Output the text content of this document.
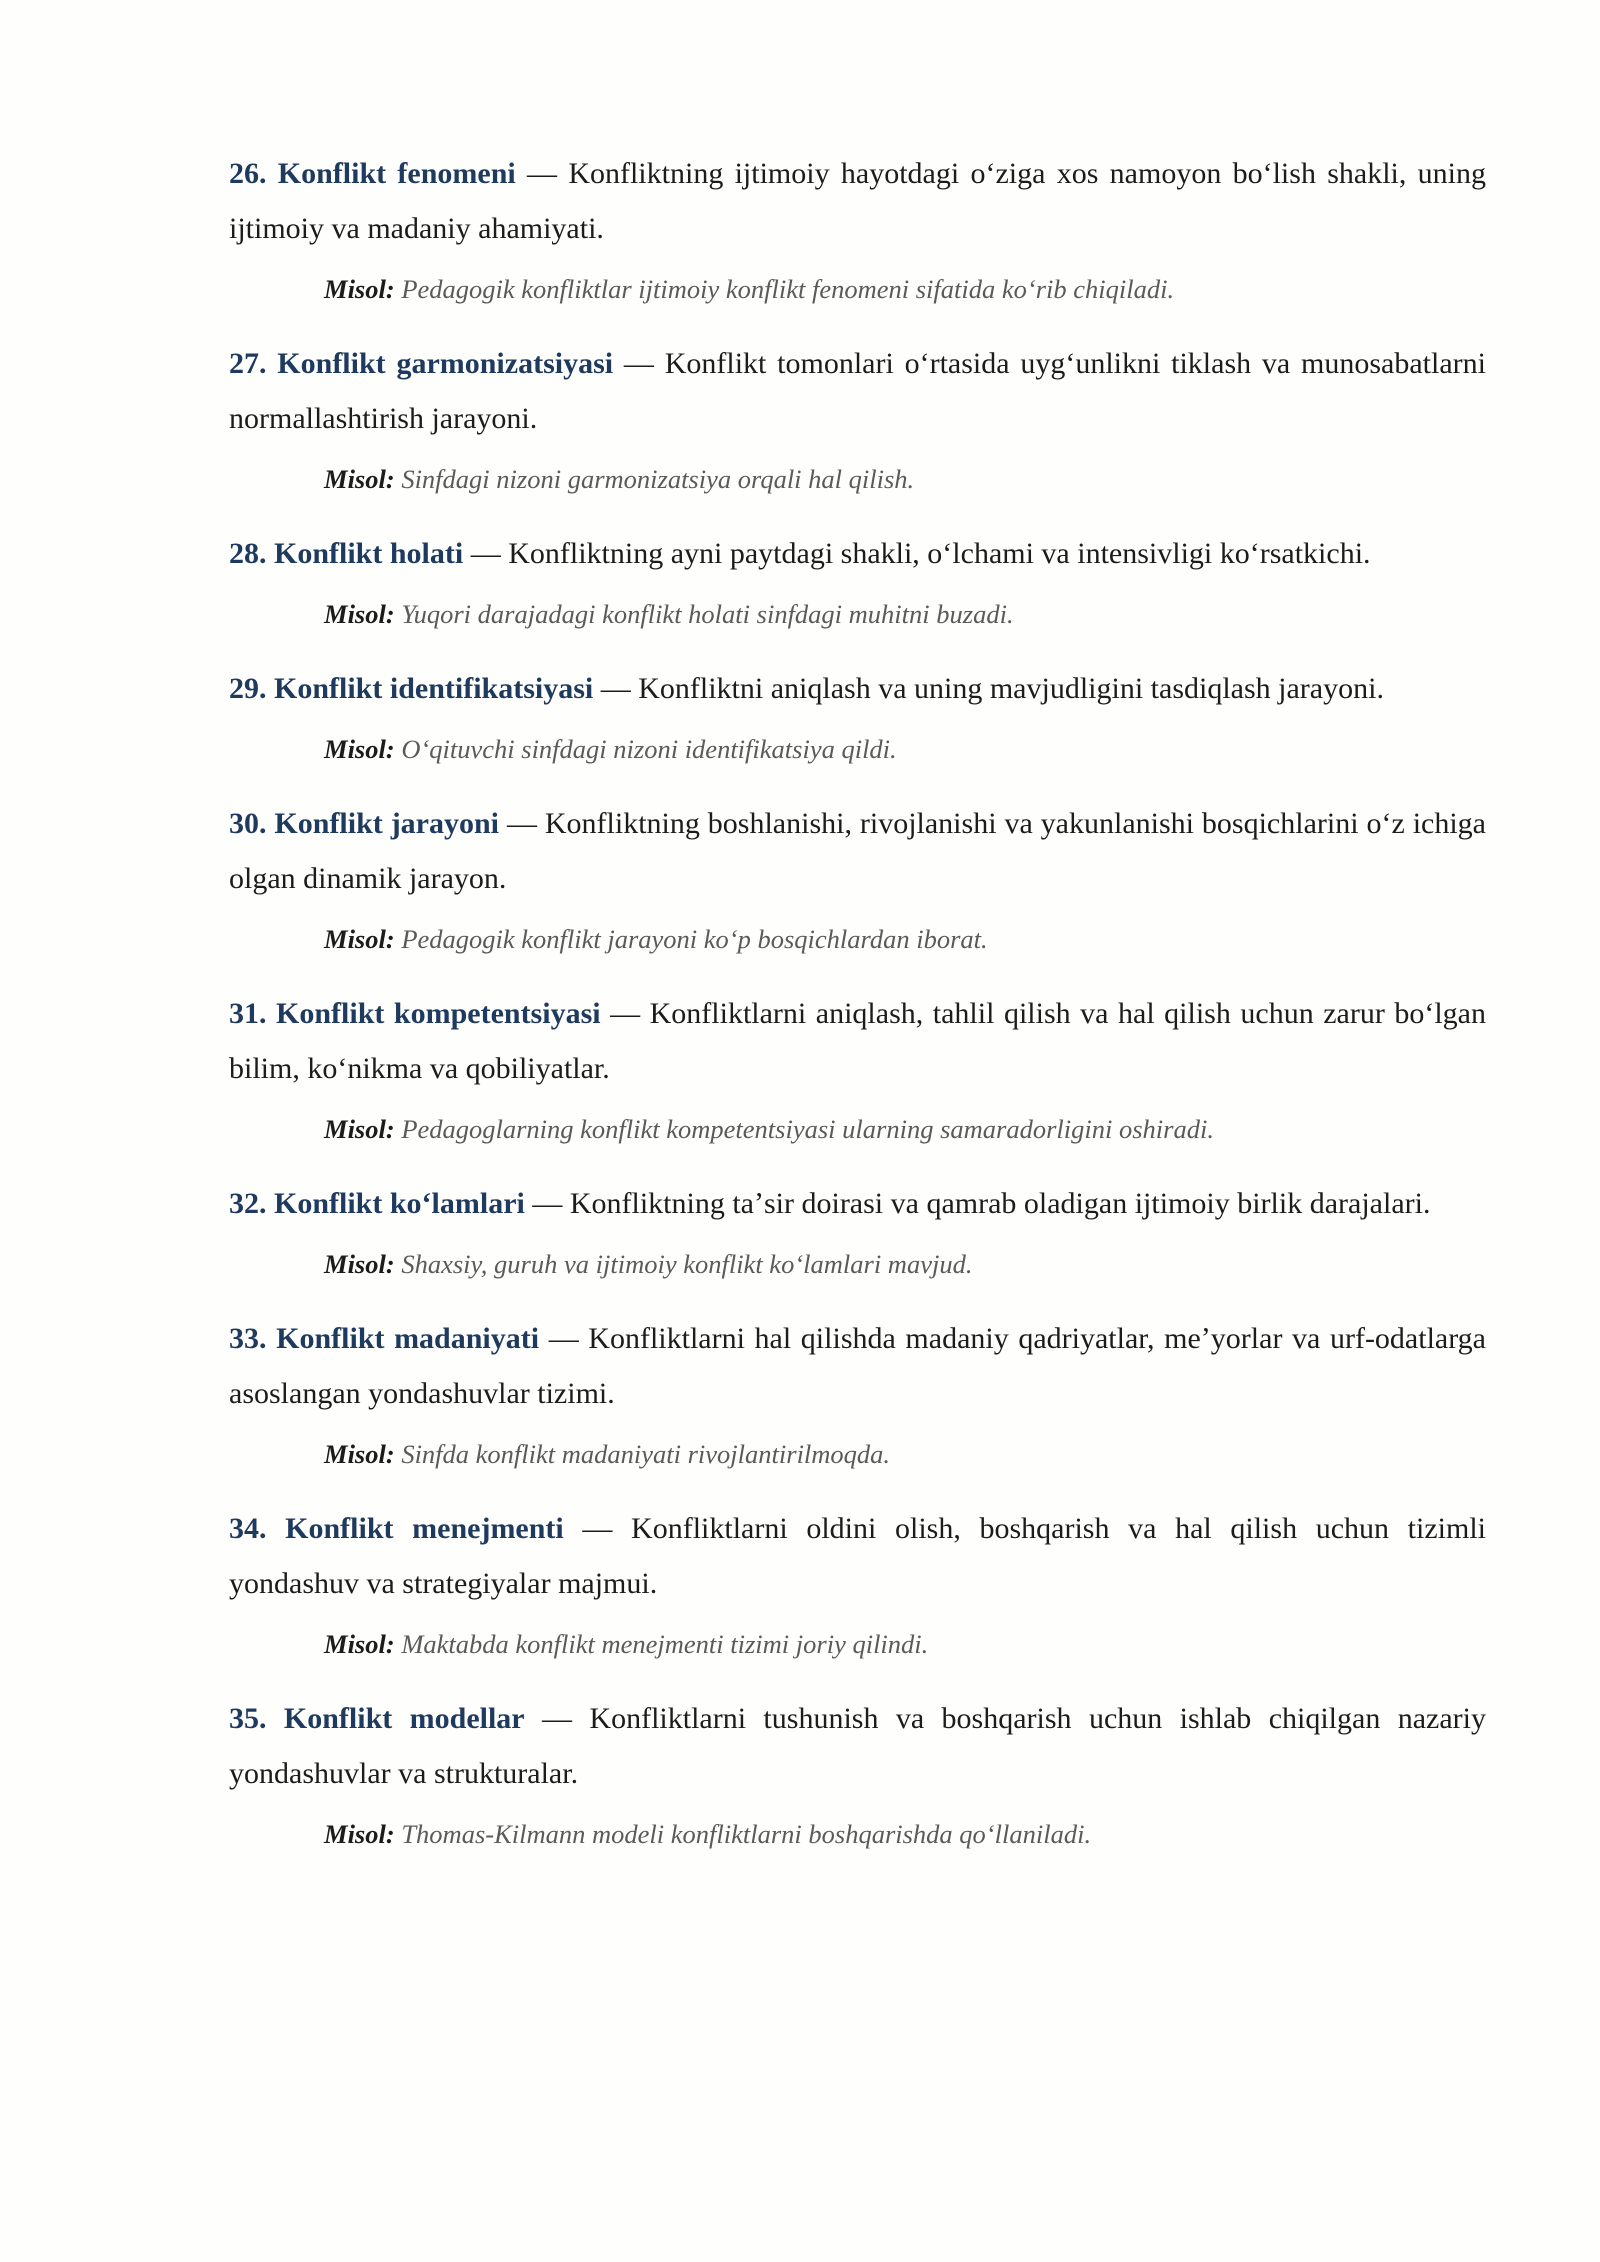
26. Konflikt fenomeni — Konfliktning ijtimoiy hayotdagi oʻziga xos namoyon boʻlish shakli, uning ijtimoiy va madaniy ahamiyati.

Misol: Pedagogik konfliktlar ijtimoiy konflikt fenomeni sifatida koʻrib chiqiladi.

27. Konflikt garmonizatsiyasi — Konflikt tomonlari oʻrtasida uygʻunlikni tiklash va munosabatlarni normallashtirish jarayoni.

Misol: Sinfdagi nizoni garmonizatsiya orqali hal qilish.

28. Konflikt holati — Konfliktning ayni paytdagi shakli, oʻlchami va intensivligi koʻrsatkichi.

Misol: Yuqori darajadagi konflikt holati sinfdagi muhitni buzadi.

29. Konflikt identifikatsiyasi — Konfliktni aniqlash va uning mavjudligini tasdiqlash jarayoni.

Misol: Oʻqituvchi sinfdagi nizoni identifikatsiya qildi.

30. Konflikt jarayoni — Konfliktning boshlanishi, rivojlanishi va yakunlanishi bosqichlarini oʻz ichiga olgan dinamik jarayon.

Misol: Pedagogik konflikt jarayoni koʻp bosqichlardan iborat.

31. Konflikt kompetentsiyasi — Konfliktlarni aniqlash, tahlil qilish va hal qilish uchun zarur boʻlgan bilim, koʻnikma va qobiliyatlar.

Misol: Pedagoglarning konflikt kompetentsiyasi ularning samaradorligini oshiradi.

32. Konflikt koʻlamlari — Konfliktning taʼsir doirasi va qamrab oladigan ijtimoiy birlik darajalari.

Misol: Shaxsiy, guruh va ijtimoiy konflikt koʻlamlari mavjud.

33. Konflikt madaniyati — Konfliktlarni hal qilishda madaniy qadriyatlar, meʼyorlar va urf-odatlarga asoslangan yondashuvlar tizimi.

Misol: Sinfda konflikt madaniyati rivojlantirilmoqda.

34. Konflikt menejmenti — Konfliktlarni oldini olish, boshqarish va hal qilish uchun tizimli yondashuv va strategiyalar majmui.

Misol: Maktabda konflikt menejmenti tizimi joriy qilindi.

35. Konflikt modellar — Konfliktlarni tushunish va boshqarish uchun ishlab chiqilgan nazariy yondashuvlar va strukturalar.

Misol: Thomas-Kilmann modeli konfliktlarni boshqarishda qoʻllaniladi.
